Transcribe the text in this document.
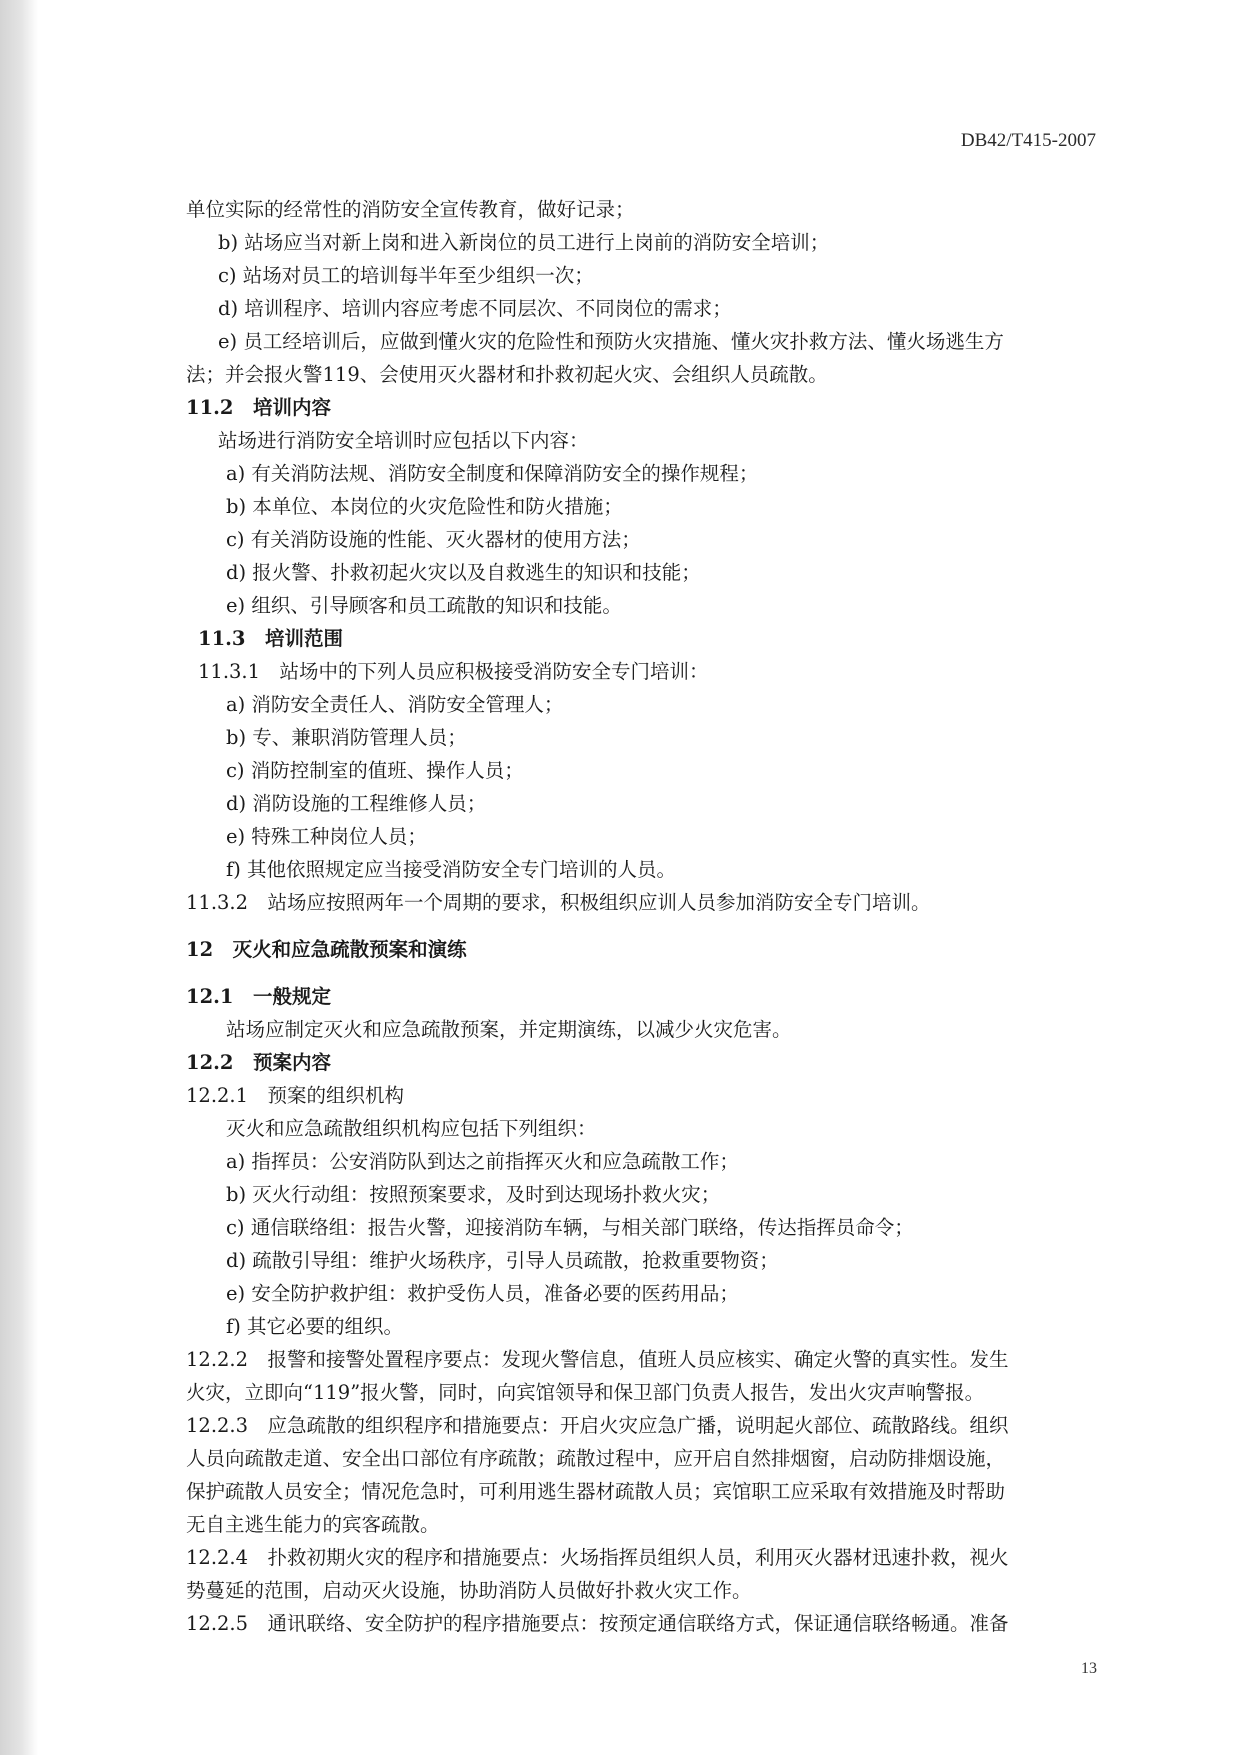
DB42/T415-2007
单位实际的经常性的消防安全宣传教育，做好记录；
b) 站场应当对新上岗和进入新岗位的员工进行上岗前的消防安全培训；
c) 站场对员工的培训每半年至少组织一次；
d) 培训程序、培训内容应考虑不同层次、不同岗位的需求；
e) 员工经培训后，应做到懂火灾的危险性和预防火灾措施、懂火灾扑救方法、懂火场逃生方
法；并会报火警119、会使用灭火器材和扑救初起火灾、会组织人员疏散。
11.2　培训内容
站场进行消防安全培训时应包括以下内容：
a) 有关消防法规、消防安全制度和保障消防安全的操作规程；
b) 本单位、本岗位的火灾危险性和防火措施；
c) 有关消防设施的性能、灭火器材的使用方法；
d) 报火警、扑救初起火灾以及自救逃生的知识和技能；
e) 组织、引导顾客和员工疏散的知识和技能。
11.3　培训范围
11.3.1　站场中的下列人员应积极接受消防安全专门培训：
a) 消防安全责任人、消防安全管理人；
b) 专、兼职消防管理人员；
c) 消防控制室的值班、操作人员；
d) 消防设施的工程维修人员；
e) 特殊工种岗位人员；
f) 其他依照规定应当接受消防安全专门培训的人员。
11.3.2　站场应按照两年一个周期的要求，积极组织应训人员参加消防安全专门培训。
12　灭火和应急疏散预案和演练
12.1　一般规定
站场应制定灭火和应急疏散预案，并定期演练，以减少火灾危害。
12.2　预案内容
12.2.1　预案的组织机构
灭火和应急疏散组织机构应包括下列组织：
a) 指挥员：公安消防队到达之前指挥灭火和应急疏散工作；
b) 灭火行动组：按照预案要求，及时到达现场扑救火灾；
c) 通信联络组：报告火警，迎接消防车辆，与相关部门联络，传达指挥员命令；
d) 疏散引导组：维护火场秩序，引导人员疏散，抢救重要物资；
e) 安全防护救护组：救护受伤人员，准备必要的医药用品；
f) 其它必要的组织。
12.2.2　报警和接警处置程序要点：发现火警信息，值班人员应核实、确定火警的真实性。发生
火灾，立即向“119”报火警，同时，向宾馆领导和保卫部门负责人报告，发出火灾声响警报。
12.2.3　应急疏散的组织程序和措施要点：开启火灾应急广播，说明起火部位、疏散路线。组织
人员向疏散走道、安全出口部位有序疏散；疏散过程中，应开启自然排烟窗，启动防排烟设施，
保护疏散人员安全；情况危急时，可利用逃生器材疏散人员；宾馆职工应采取有效措施及时帮助
无自主逃生能力的宾客疏散。
12.2.4　扑救初期火灾的程序和措施要点：火场指挥员组织人员，利用灭火器材迅速扑救，视火
势蔓延的范围，启动灭火设施，协助消防人员做好扑救火灾工作。
12.2.5　通讯联络、安全防护的程序措施要点：按预定通信联络方式，保证通信联络畅通。准备
13
